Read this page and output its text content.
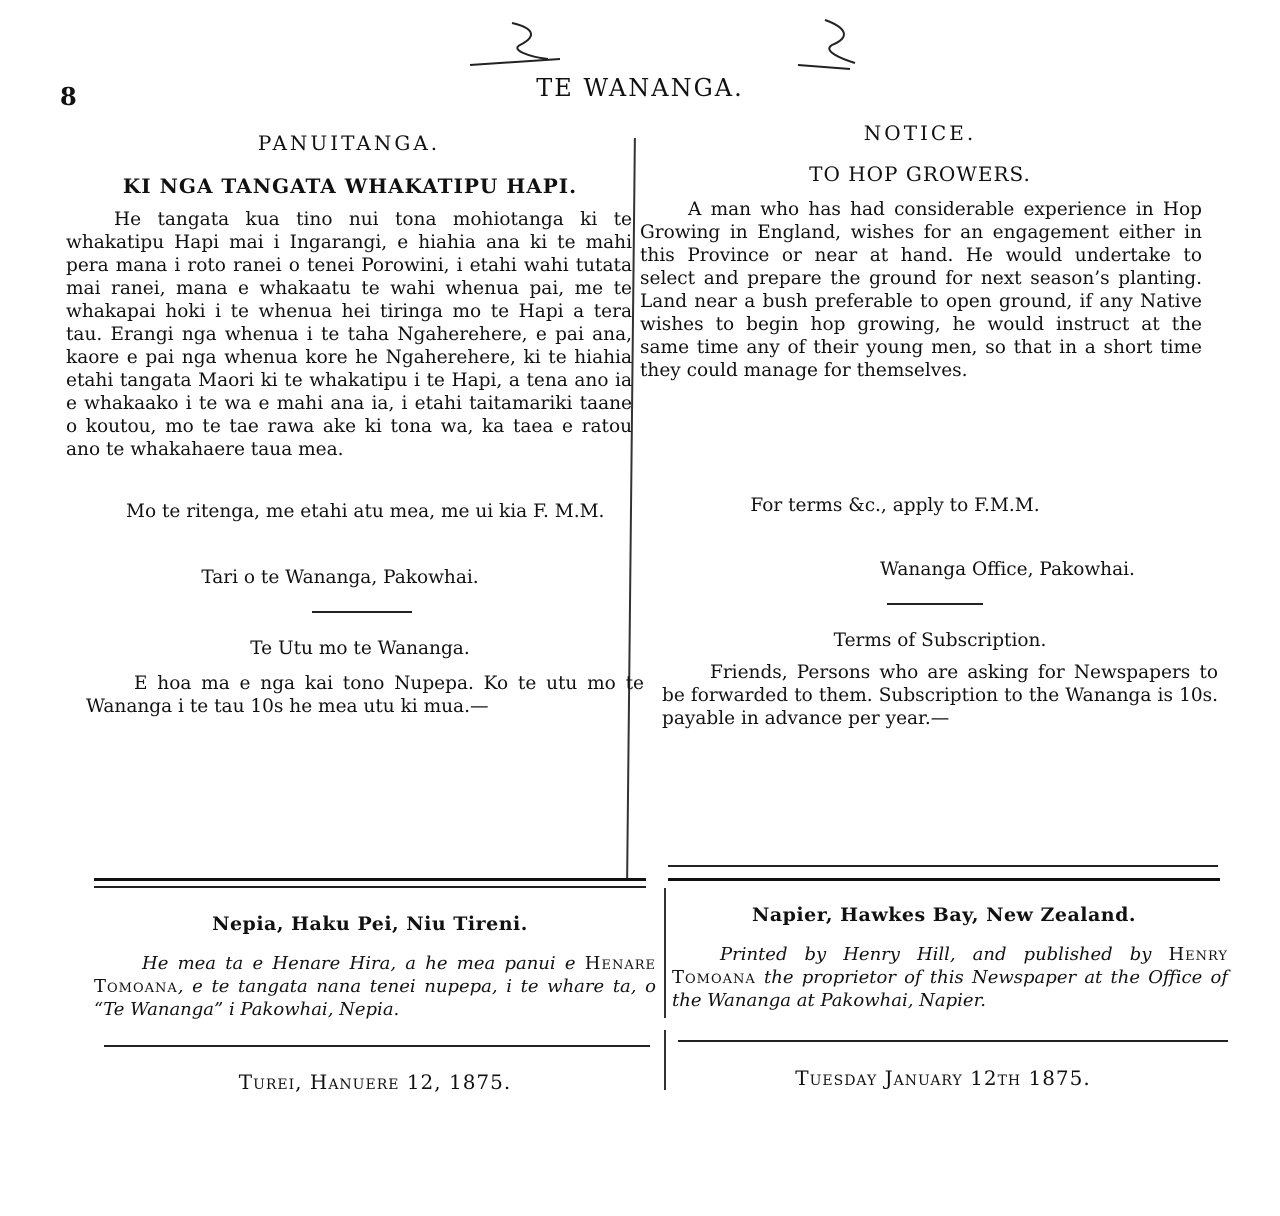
8	TE WANANGA.
PANUITANGA.
KI NGA TANGATA WHAKATIPU HAPI.
He tangata kua tino nui tona mohiotanga ki te whakatipu Hapi mai i Ingarangi, e hiahia ana ki te mahi pera mana i roto ranei o tenei Porowini, i etahi wahi tutata mai ranei, mana e whakaatu te wahi whenua pai, me te whakapai hoki i te whenua hei tiringa mo te Hapi a tera tau. Erangi nga whenua i te taha Ngaherehere, e pai ana, kaore e pai nga whenua kore he Ngaherehere, ki te hiahia etahi tangata Maori ki te whakatipu i te Hapi, a tena ano ia e whakaako i te wa e mahi ana ia, i etahi taitamariki taane o koutou, mo te tae rawa ake ki tona wa, ka taea e ratou ano te whakahaere taua mea.
Mo te ritenga, me etahi atu mea, me ui kia F. M.M.
Tari o te Wananga, Pakowhai.
Te Utu mo te Wananga.
E hoa ma e nga kai tono Nupepa. Ko te utu mo te Wananga i te tau 10s he mea utu ki mua.—
NOTICE.
TO HOP GROWERS.
A man who has had considerable experience in Hop Growing in England, wishes for an engagement either in this Province or near at hand. He would undertake to select and prepare the ground for next season’s planting. Land near a bush preferable to open ground, if any Native wishes to begin hop growing, he would instruct at the same time any of their young men, so that in a short time they could manage for themselves.
For terms &c., apply to F.M.M.
Wananga Office, Pakowhai.
Terms of Subscription.
Friends, Persons who are asking for Newspapers to be forwarded to them. Subscription to the Wananga is 10s. payable in advance per year.—
Nepia, Haku Pei, Niu Tireni.
He mea ta e Henare Hira, a he mea panui e Henare Tomoana, e te tangata nana tenei nupepa, i te whare ta, o “Te Wananga” i Pakowhai, Nepia.
Turei, Hanuere 12, 1875.
Napier, Hawkes Bay, New Zealand.
Printed by Henry Hill, and published by Henry Tomoana the proprietor of this Newspaper at the Office of the Wananga at Pakowhai, Napier.
Tuesday January 12th 1875.
